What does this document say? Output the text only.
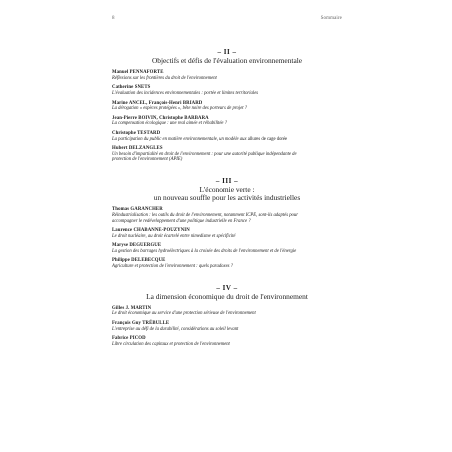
8	Sommaire
– II –
Objectifs et défis de l'évaluation environnementale
Manuel PENNAFORTE
Réflexions sur les frontières du droit de l'environnement
Catherine SNETS
L'évaluation des incidences environnementales : portée et limites territoriales
Marine ANCEL, François-Henri BRIARD
La dérogation « espèces protégées », bête noire des porteurs de projet ?
Jean-Pierre BOIVIN, Christophe BARBARA
La compensation écologique : une real aimée et réhabilitée ?
Christophe TESTARD
La participation du public en matière environnementale, un modèle aux allures de cage dorée
Hubert DELZANGLES
Un besoin d'impartialité en droit de l'environnement : pour une autorité publique indépendante de
protection de l'environnement (APIE)
– III –
L'économie verte :
un nouveau souffle pour les activités industrielles
Thomas GARANCHER
Réindustrialisation : les outils du droit de l'environnement, notamment ICPE, sont-ils adaptés pour
accompagner le redéveloppement d'une politique industrielle en France ?
Laurence CHABANNE-POUZYNIN
Le droit nucléaire, au droit écartelé entre nimedisme et spécificité
Maryse DEGUERGUE
La gestion des barrages hydroélectriques à la croisée des droits de l'environnement et de l'énergie
Philippe DELEBECQUE
Agriculture et protection de l'environnement : quels paradoxes ?
– IV –
La dimension économique du droit de l'environnement
Gilles J. MARTIN
Le droit économique au service d'une protection sérieuse de l'environnement
François Guy TRÉBULLE
L'entreprise au défi de la durabilité, considérations au soleil levant
Fabrice PICOD
Libre circulation des capitaux et protection de l'environnement
